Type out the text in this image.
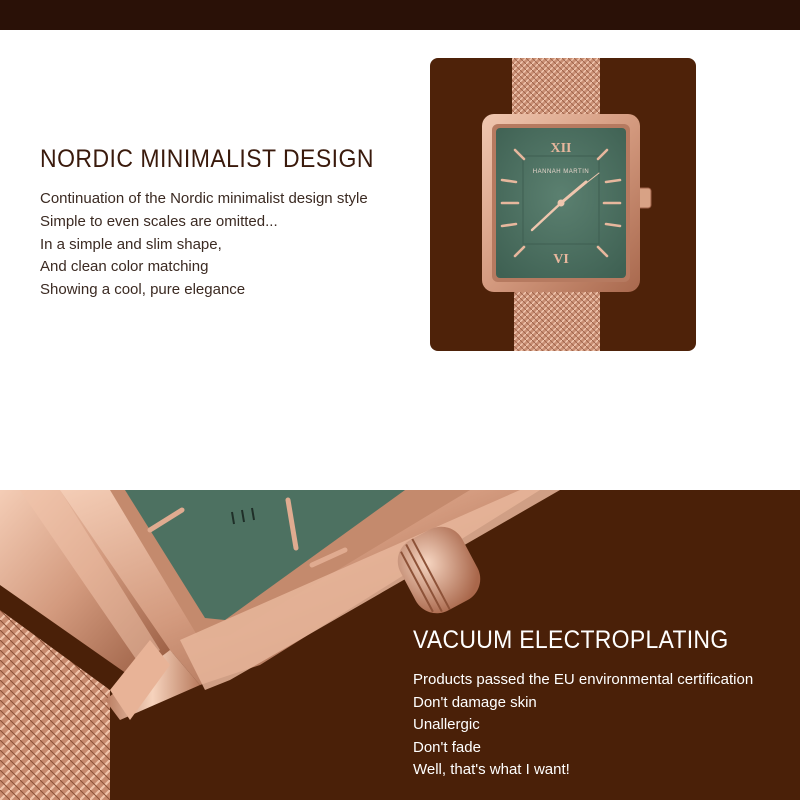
NORDIC MINIMALIST DESIGN
Continuation of the Nordic minimalist design style
Simple to even scales are omitted...
In a simple and slim shape,
And clean color matching
Showing a cool, pure elegance
XII
VI
HANNAH MARTIN
VACUUM ELECTROPLATING
Products passed the EU environmental certification
Don't damage skin
Unallergic
Don't fade
Well, that's what I want!
